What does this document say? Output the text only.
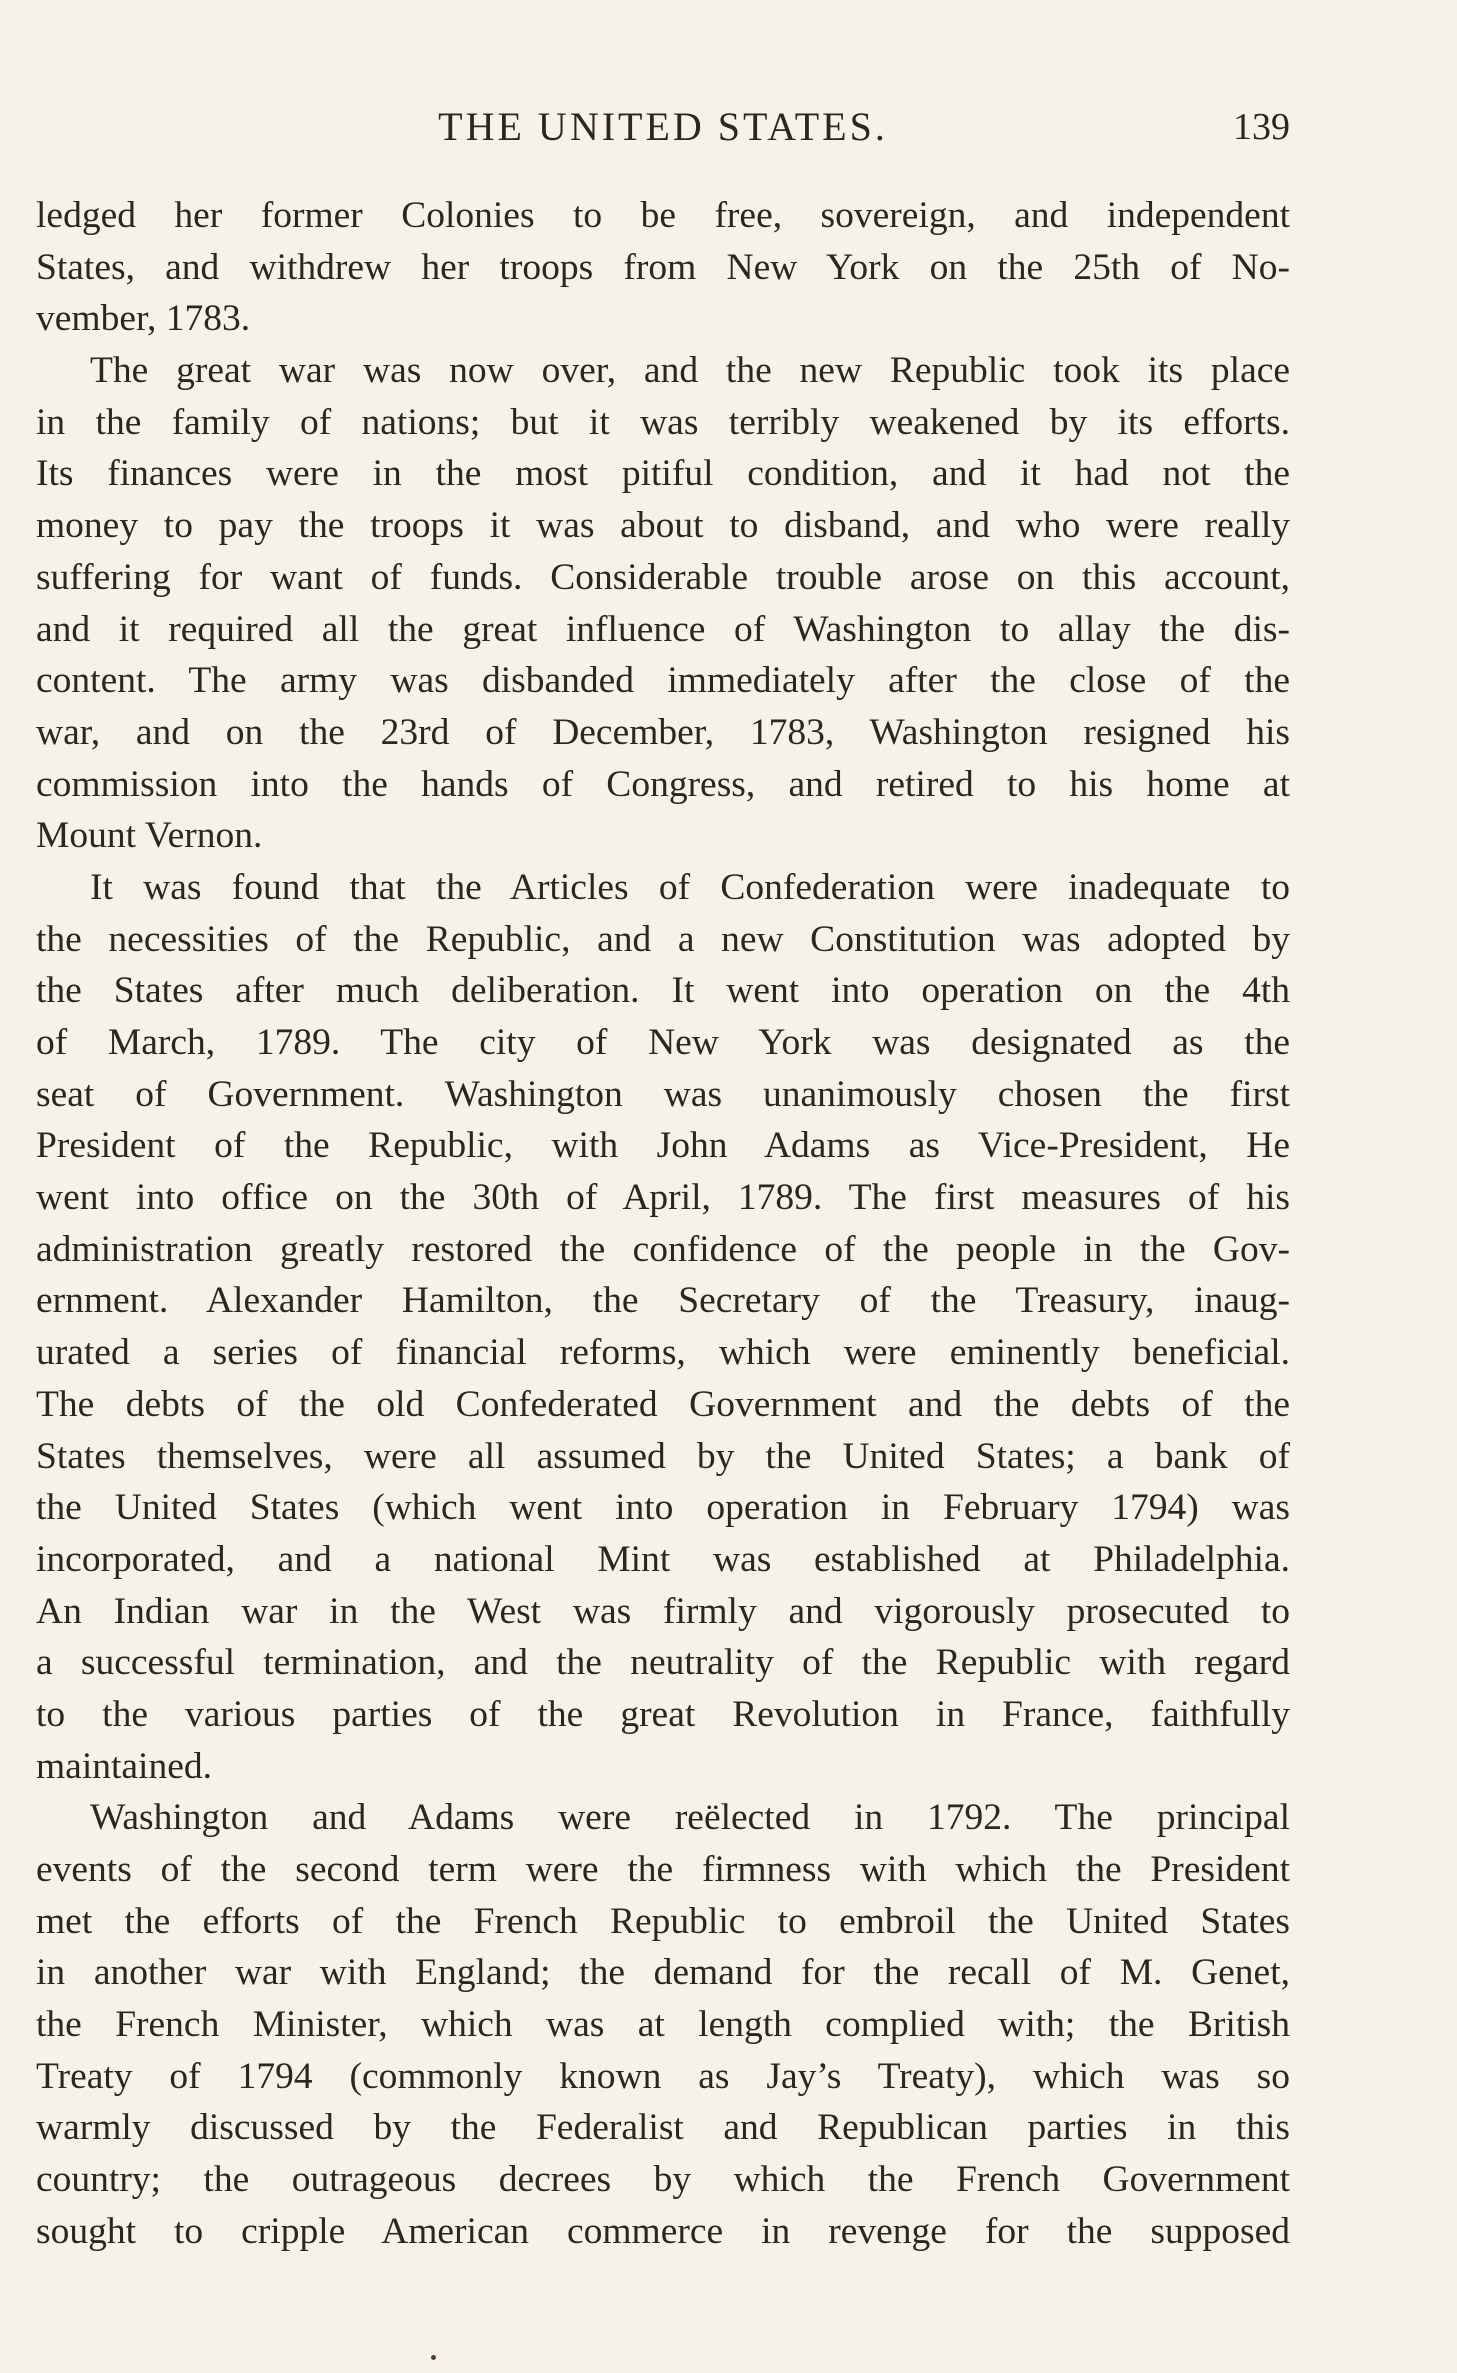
THE UNITED STATES.	139
ledged her former Colonies to be free, sovereign, and independent
States, and withdrew her troops from New York on the 25th of No-
vember, 1783.
The great war was now over, and the new Republic took its place
in the family of nations; but it was terribly weakened by its efforts.
Its finances were in the most pitiful condition, and it had not the
money to pay the troops it was about to disband, and who were really
suffering for want of funds. Considerable trouble arose on this account,
and it required all the great influence of Washington to allay the dis-
content. The army was disbanded immediately after the close of the
war, and on the 23rd of December, 1783, Washington resigned his
commission into the hands of Congress, and retired to his home at
Mount Vernon.
It was found that the Articles of Confederation were inadequate to
the necessities of the Republic, and a new Constitution was adopted by
the States after much deliberation. It went into operation on the 4th
of March, 1789. The city of New York was designated as the
seat of Government. Washington was unanimously chosen the first
President of the Republic, with John Adams as Vice-President, He
went into office on the 30th of April, 1789. The first measures of his
administration greatly restored the confidence of the people in the Gov-
ernment. Alexander Hamilton, the Secretary of the Treasury, inaug-
urated a series of financial reforms, which were eminently beneficial.
The debts of the old Confederated Government and the debts of the
States themselves, were all assumed by the United States; a bank of
the United States (which went into operation in February 1794) was
incorporated, and a national Mint was established at Philadelphia.
An Indian war in the West was firmly and vigorously prosecuted to
a successful termination, and the neutrality of the Republic with regard
to the various parties of the great Revolution in France, faithfully
maintained.
Washington and Adams were reëlected in 1792. The principal
events of the second term were the firmness with which the President
met the efforts of the French Republic to embroil the United States
in another war with England; the demand for the recall of M. Genet,
the French Minister, which was at length complied with; the British
Treaty of 1794 (commonly known as Jay’s Treaty), which was so
warmly discussed by the Federalist and Republican parties in this
country; the outrageous decrees by which the French Government
sought to cripple American commerce in revenge for the supposed
